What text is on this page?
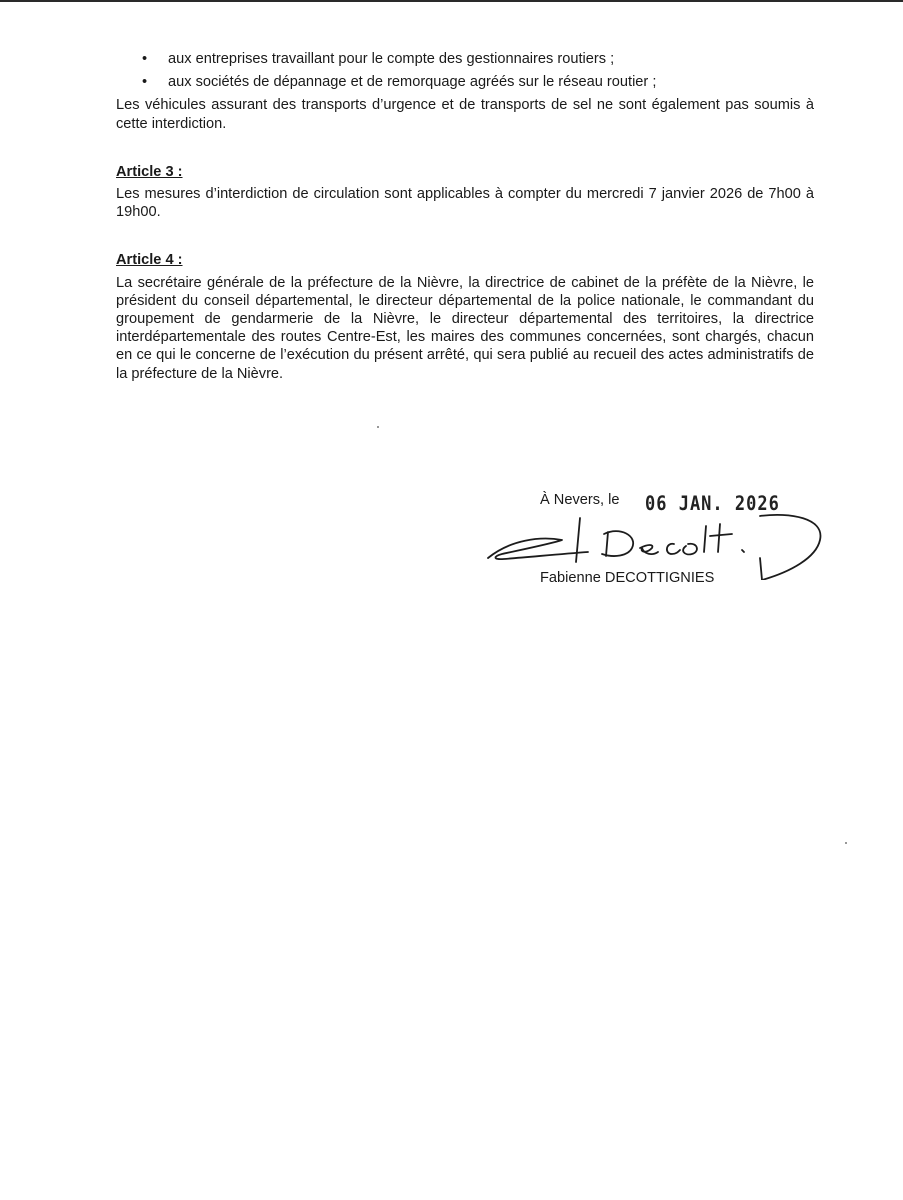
• aux entreprises travaillant pour le compte des gestionnaires routiers ;
• aux sociétés de dépannage et de remorquage agréés sur le réseau routier ;

Les véhicules assurant des transports d’urgence et de transports de sel ne sont également pas soumis à cette interdiction.

Article 3 :

Les mesures d’interdiction de circulation sont applicables à compter du mercredi 7 janvier 2026 de 7h00 à 19h00.

Article 4 :

La secrétaire générale de la préfecture de la Nièvre, la directrice de cabinet de la préfète de la Nièvre, le président du conseil départemental, le directeur départemental de la police nationale, le commandant du groupement de gendarmerie de la Nièvre, le directeur départemental des territoires, la directrice interdépartementale des routes Centre-Est, les maires des communes concernées, sont chargés, chacun en ce qui le concerne de l’exécution du présent arrêté, qui sera publié au recueil des actes administratifs de la préfecture de la Nièvre.

À Nevers, le 06 JAN. 2026
Fabienne DECOTTIGNIES
